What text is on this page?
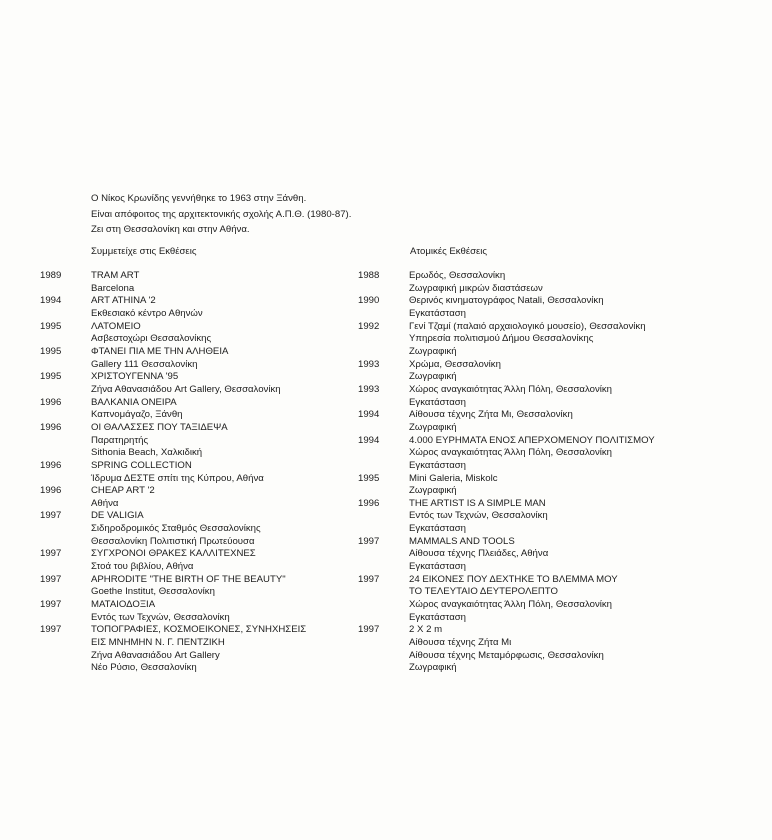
Ο Νίκος Κρωνίδης γεννήθηκε το 1963 στην Ξάνθη.
Είναι απόφοιτος της αρχιτεκτονικής σχολής Α.Π.Θ. (1980-87).
Ζει στη Θεσσαλονίκη και στην Αθήνα.
Συμμετείχε στις Εκθέσεις	Ατομικές Εκθέσεις
1989	TRAM ART
Barcelona
1994	ART ATHINA '2
Εκθεσιακό κέντρο Αθηνών
1995	ΛΑΤΟΜΕΙΟ
Ασβεστοχώρι Θεσσαλονίκης
1995	ΦΤΑΝΕΙ ΠΙΑ ΜΕ ΤΗΝ ΑΛΗΘΕΙΑ
Gallery 111 Θεσσαλονίκη
1995	ΧΡΙΣΤΟΥΓΕΝΝΑ '95
Ζήνα Αθανασιάδου Art Gallery, Θεσσαλονίκη
1996	ΒΑΛΚΑΝΙΑ ΟΝΕΙΡΑ
Καπνομάγαζο, Ξάνθη
1996	ΟΙ ΘΑΛΑΣΣΕΣ ΠΟΥ ΤΑΞΙΔΕΨΑ
Παρατηρητής
Sithonia Beach, Χαλκιδική
1996	SPRING COLLECTION
Ίδρυμα ΔΕΣΤΕ σπίτι της Κύπρου, Αθήνα
1996	CHEAP ART '2
Αθήνα
1997	DE VALIGIA
Σιδηροδρομικός Σταθμός Θεσσαλονίκης
Θεσσαλονίκη Πολιτιστική Πρωτεύουσα
1997	ΣΥΓΧΡΟΝΟΙ ΘΡΑΚΕΣ ΚΑΛΛΙΤΕΧΝΕΣ
Στοά του βιβλίου, Αθήνα
1997	APHRODITE "THE BIRTH OF THE BEAUTY"
Goethe Institut, Θεσσαλονίκη
1997	ΜΑΤΑΙΟΔΟΞΙΑ
Εντός των Τεχνών, Θεσσαλονίκη
1997	ΤΟΠΟΓΡΑΦΙΕΣ, ΚΟΣΜΟΕΙΚΟΝΕΣ, ΣΥΝΗΧΗΣΕΙΣ
ΕΙΣ ΜΝΗΜΗΝ Ν. Γ. ΠΕΝΤΖΙΚΗ
Ζήνα Αθανασιάδου Art Gallery
Νέο Ρύσιο, Θεσσαλονίκη
1988	Ερωδός, Θεσσαλονίκη
Ζωγραφική μικρών διαστάσεων
1990	Θερινός κινηματογράφος Natali, Θεσσαλονίκη
Εγκατάσταση
1992	Γενί Τζαμί (παλαιό αρχαιολογικό μουσείο), Θεσσαλονίκη
Υπηρεσία πολιτισμού Δήμου Θεσσαλονίκης
Ζωγραφική
1993	Χρώμα, Θεσσαλονίκη
Ζωγραφική
1993	Χώρος αναγκαιότητας Άλλη Πόλη, Θεσσαλονίκη
Εγκατάσταση
1994	Αίθουσα τέχνης Ζήτα Μι, Θεσσαλονίκη
Ζωγραφική
1994	4.000 ΕΥΡΗΜΑΤΑ ΕΝΟΣ ΑΠΕΡΧΟΜΕΝΟΥ ΠΟΛΙΤΙΣΜΟΥ
Χώρος αναγκαιότητας Άλλη Πόλη, Θεσσαλονίκη
Εγκατάσταση
1995	Mini Galeria, Miskolc
Ζωγραφική
1996	THE ARTIST IS A SIMPLE MAN
Εντός των Τεχνών, Θεσσαλονίκη
Εγκατάσταση
1997	MAMMALS AND TOOLS
Αίθουσα τέχνης Πλειάδες, Αθήνα
Εγκατάσταση
1997	24 ΕΙΚΟΝΕΣ ΠΟΥ ΔΕΧΤΗΚΕ ΤΟ ΒΛΕΜΜΑ ΜΟΥ
ΤΟ ΤΕΛΕΥΤΑΙΟ ΔΕΥΤΕΡΟΛΕΠΤΟ
Χώρος αναγκαιότητας Άλλη Πόλη, Θεσσαλονίκη
Εγκατάσταση
1997	2 Χ 2 m
Αίθουσα τέχνης Ζήτα Μι
Αίθουσα τέχνης Μεταμόρφωσις, Θεσσαλονίκη
Ζωγραφική
